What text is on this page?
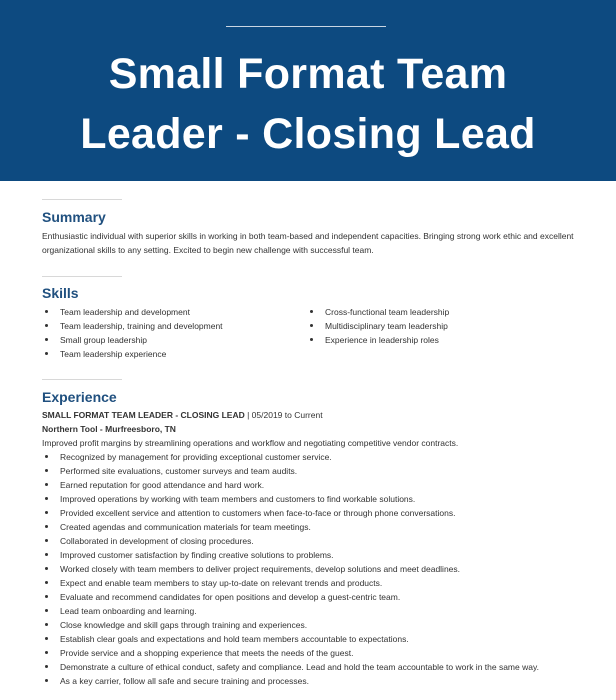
Small Format Team
Leader - Closing Lead
Summary
Enthusiastic individual with superior skills in working in both team-based and independent capacities. Bringing strong work ethic and excellent organizational skills to any setting. Excited to begin new challenge with successful team.
Skills
Team leadership and development
Team leadership, training and development
Small group leadership
Team leadership experience
Cross-functional team leadership
Multidisciplinary team leadership
Experience in leadership roles
Experience
SMALL FORMAT TEAM LEADER - CLOSING LEAD | 05/2019 to Current
Northern Tool - Murfreesboro, TN
Improved profit margins by streamlining operations and workflow and negotiating competitive vendor contracts.
Recognized by management for providing exceptional customer service.
Performed site evaluations, customer surveys and team audits.
Earned reputation for good attendance and hard work.
Improved operations by working with team members and customers to find workable solutions.
Provided excellent service and attention to customers when face-to-face or through phone conversations.
Created agendas and communication materials for team meetings.
Collaborated in development of closing procedures.
Improved customer satisfaction by finding creative solutions to problems.
Worked closely with team members to deliver project requirements, develop solutions and meet deadlines.
Expect and enable team members to stay up-to-date on relevant trends and products.
Evaluate and recommend candidates for open positions and develop a guest-centric team.
Lead team onboarding and learning.
Close knowledge and skill gaps through training and experiences.
Establish clear goals and expectations and hold team members accountable to expectations.
Provide service and a shopping experience that meets the needs of the guest.
Demonstrate a culture of ethical conduct, safety and compliance. Lead and hold the team accountable to work in the same way.
As a key carrier, follow all safe and secure training and processes.
